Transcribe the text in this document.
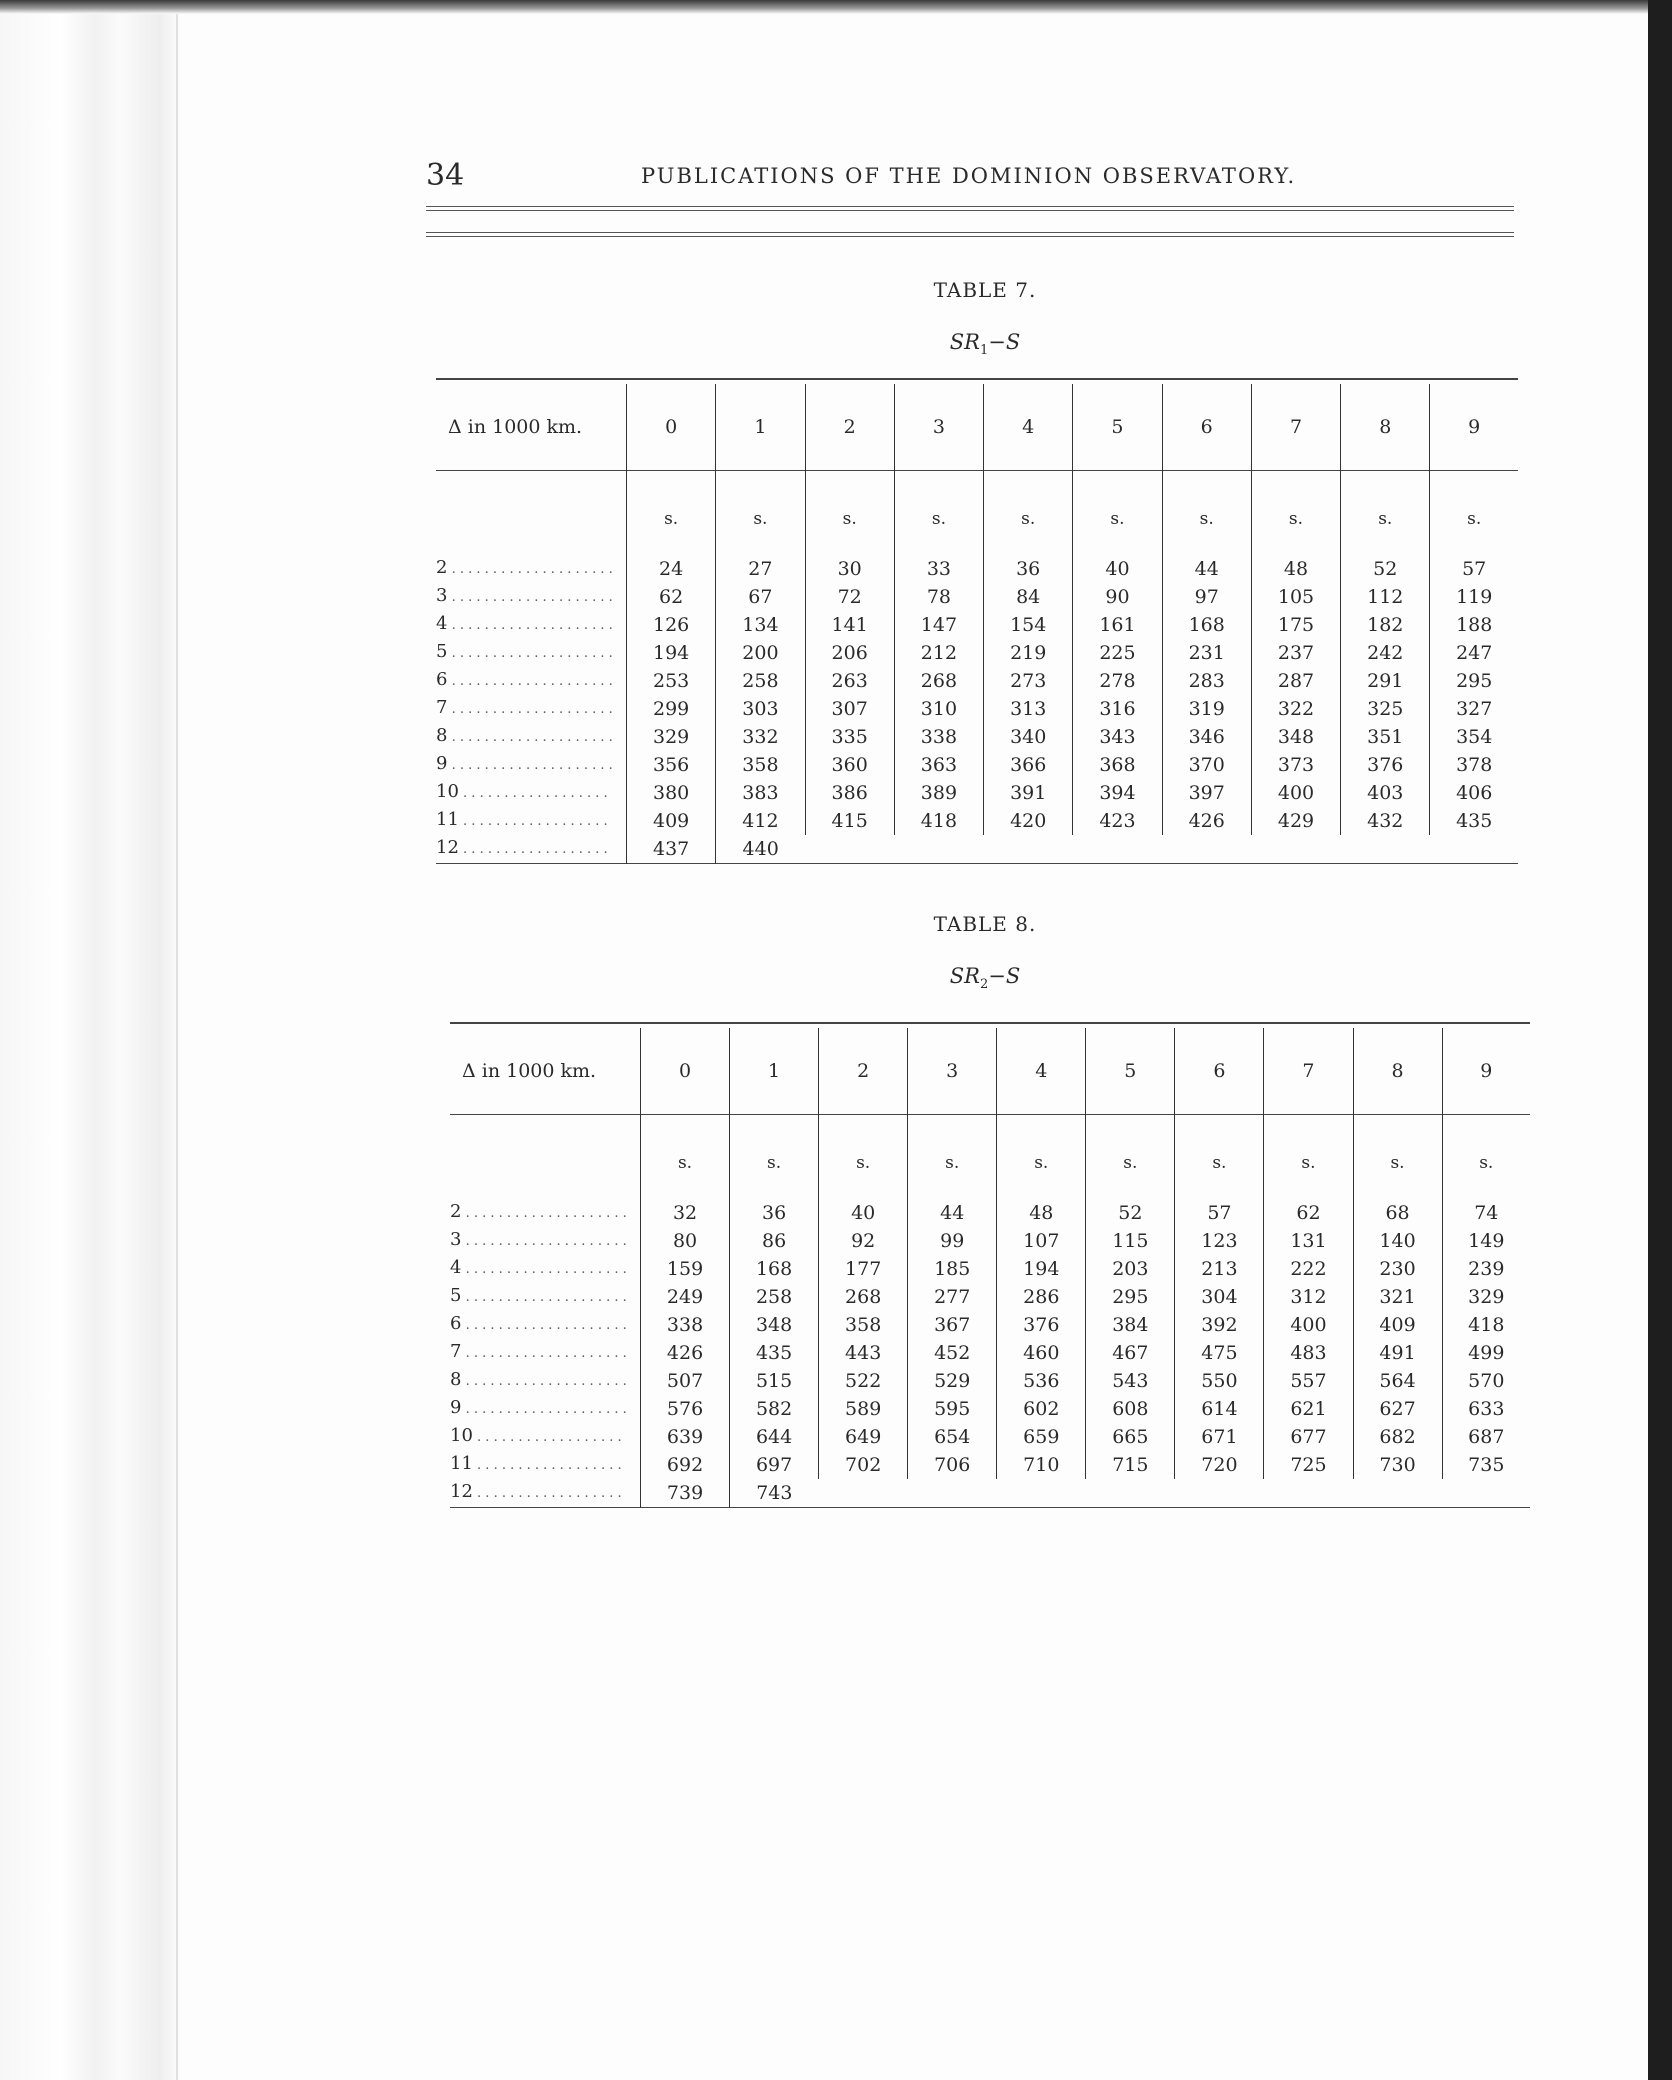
34	PUBLICATIONS OF THE DOMINION OBSERVATORY.
TABLE 7.
$SR_1-S$

Δ in 1000 km.	0	1	2	3	4	5	6	7	8	9

	s.	s.	s.	s.	s.	s.	s.	s.	s.	s.

2 . . .	24	27	30	33	36	40	44	48	52	57

3 . . .	62	67	72	78	84	90	97	105	112	119

4 . . .	126	134	141	147	154	161	168	175	182	188

5 . . .	194	200	206	212	219	225	231	237	242	247

6 . . .	253	258	263	268	273	278	283	287	291	295

7 . . .	299	303	307	310	313	316	319	322	325	327

8 . . .	329	332	335	338	340	343	346	348	351	354

9 . . .	356	358	360	363	366	368	370	373	376	378

10 . . .	380	383	386	389	391	394	397	400	403	406

11 . . .	409	412	415	418	420	423	426	429	432	435

12 . . .	437	440								

TABLE 8.
$SR_2-S$

Δ in 1000 km.	0	1	2	3	4	5	6	7	8	9

	s.	s.	s.	s.	s.	s.	s.	s.	s.	s.

2 . . .	32	36	40	44	48	52	57	62	68	74

3 . . .	80	86	92	99	107	115	123	131	140	149

4 . . .	159	168	177	185	194	203	213	222	230	239

5 . . .	249	258	268	277	286	295	304	312	321	329

6 . . .	338	348	358	367	376	384	392	400	409	418

7 . . .	426	435	443	452	460	467	475	483	491	499

8 . . .	507	515	522	529	536	543	550	557	564	570

9 . . .	576	582	589	595	602	608	614	621	627	633

10 . . .	639	644	649	654	659	665	671	677	682	687

11 . . .	692	697	702	706	710	715	720	725	730	735

12 . . .	739	743								
